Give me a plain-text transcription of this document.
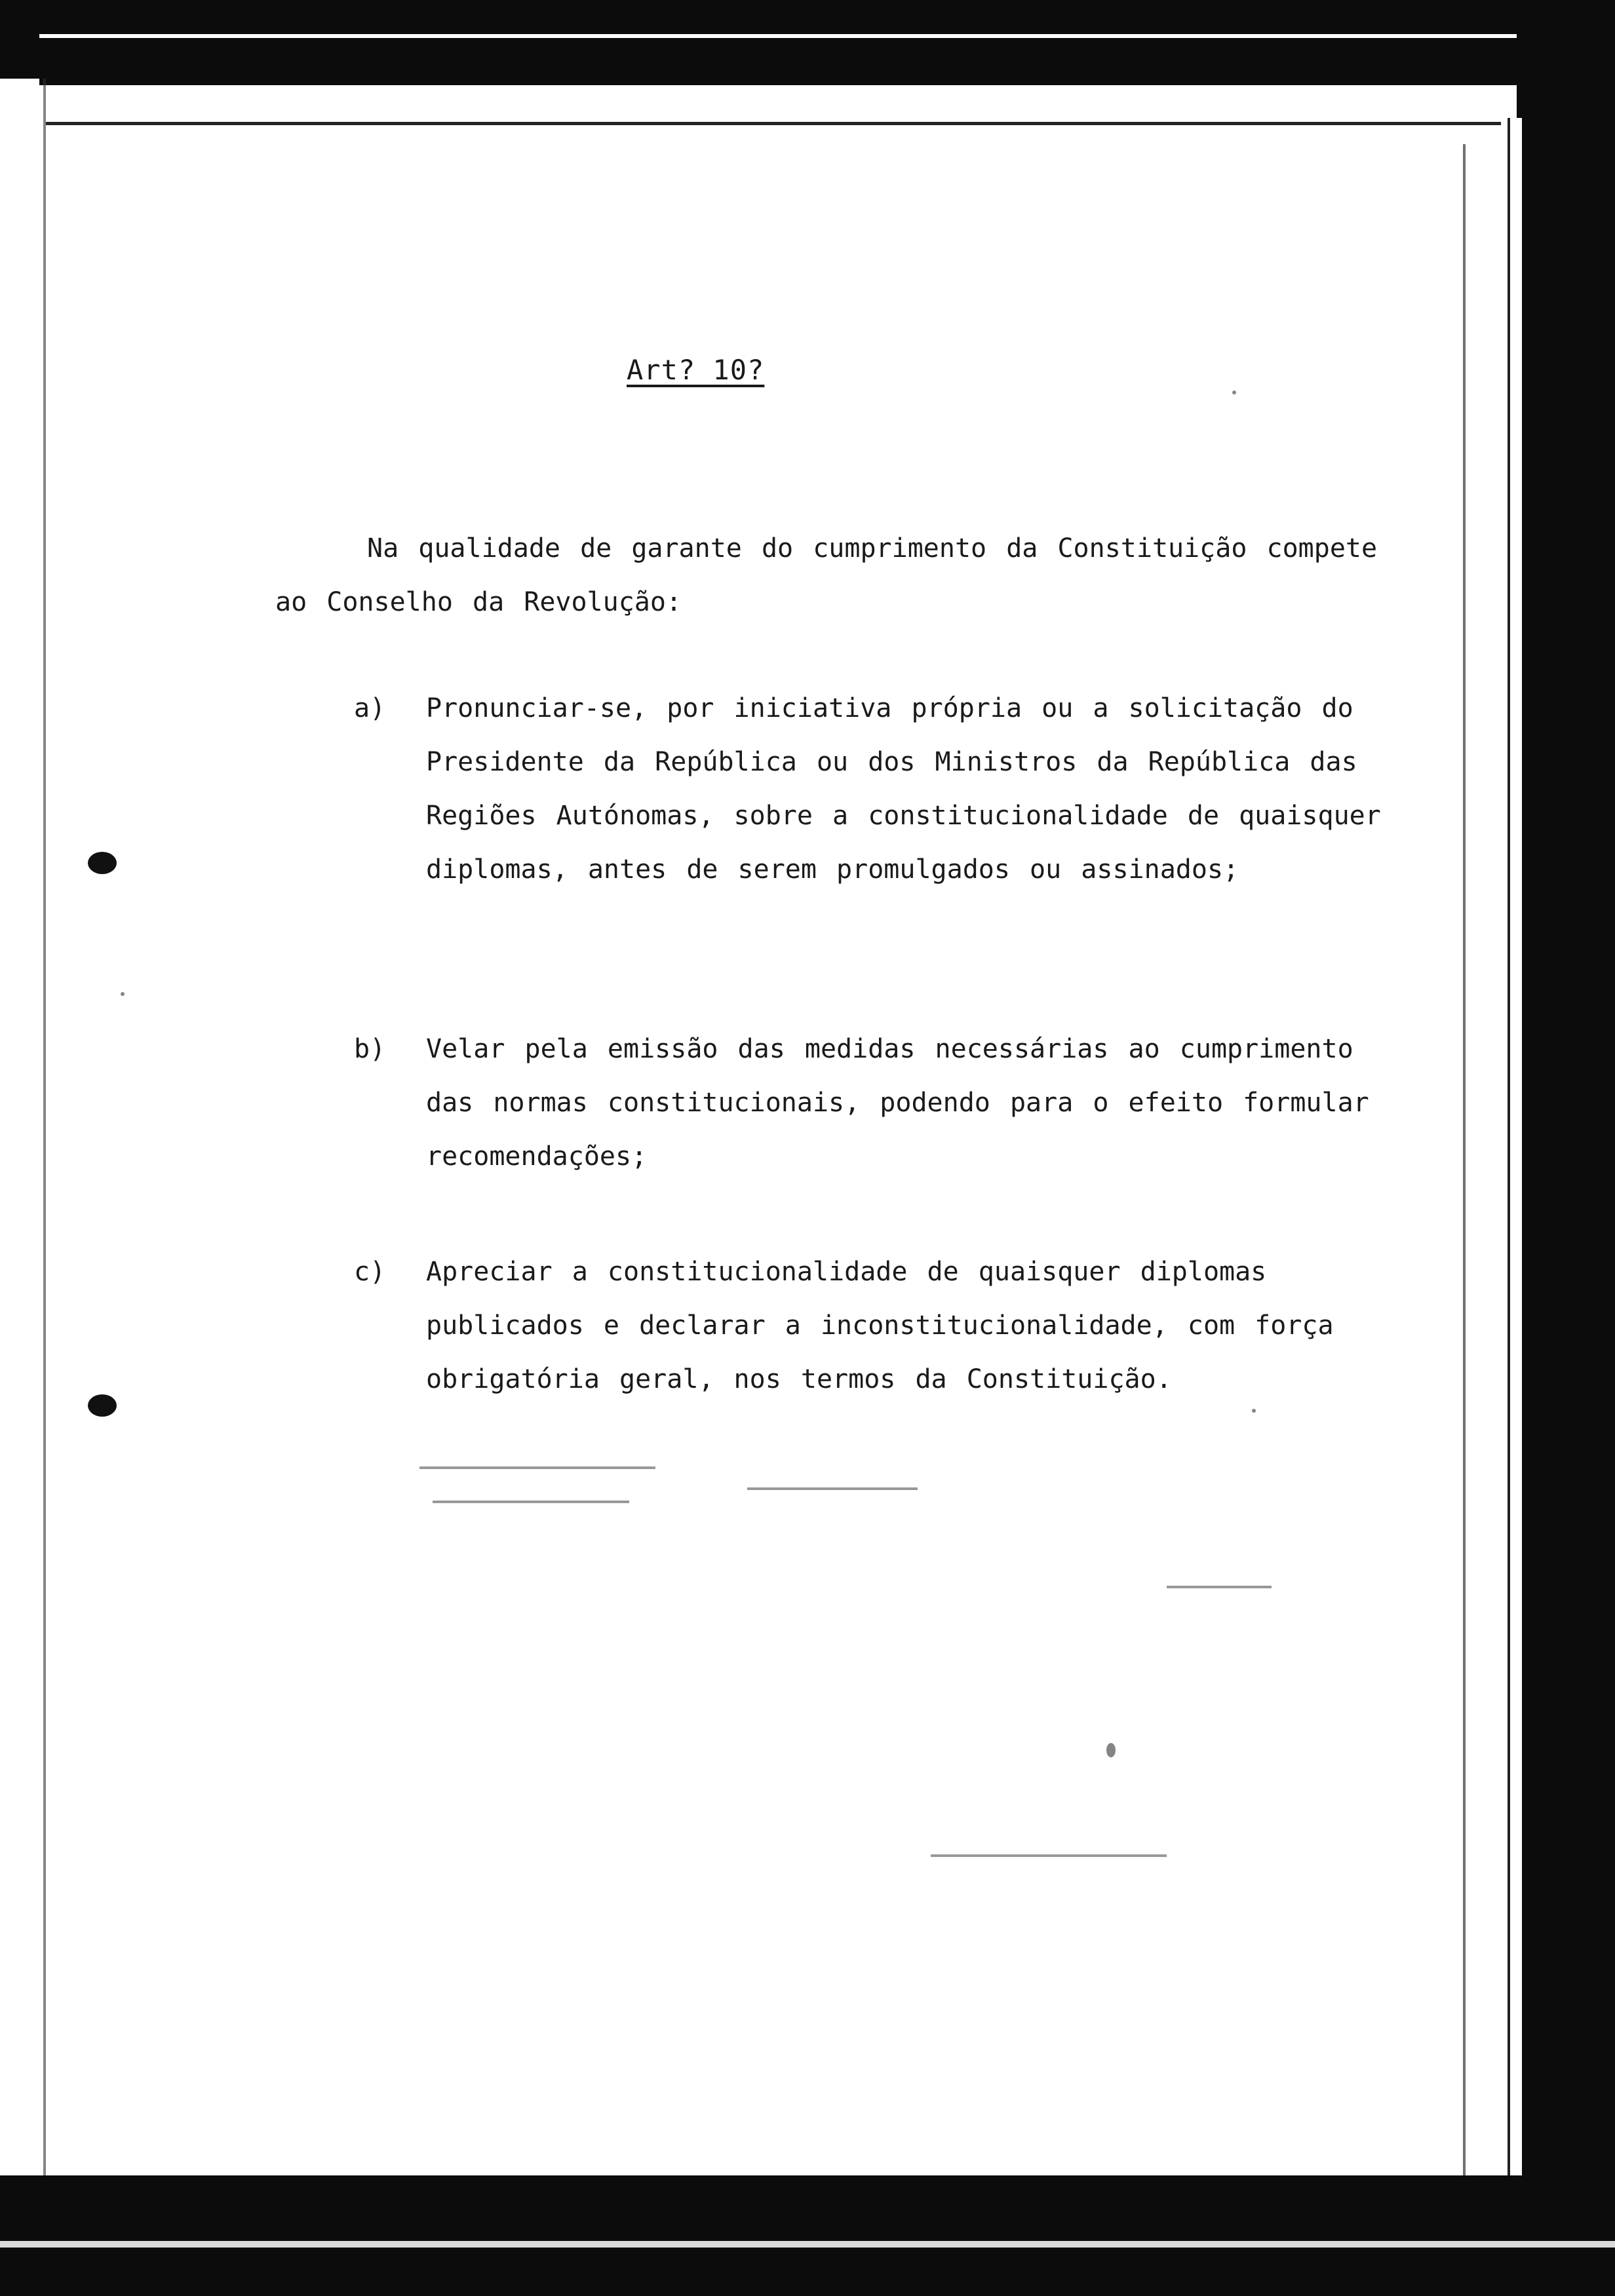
Art? 10?

Na qualidade de garante do cumprimento da Constituição compete ao Conselho da Revolução:

a) Pronunciar-se, por iniciativa própria ou a solicitação do Presidente da República ou dos Ministros da República das Regiões Autónomas, sobre a constitucionalidade de quaisquer diplomas, antes de serem promulgados ou assinados;
b) Velar pela emissão das medidas necessárias ao cumprimento das normas constitucionais, podendo para o efeito formular recomendações;
c) Apreciar a constitucionalidade de quaisquer diplomas publicados e declarar a inconstitucionalidade, com força obrigatória geral, nos termos da Constituição.
